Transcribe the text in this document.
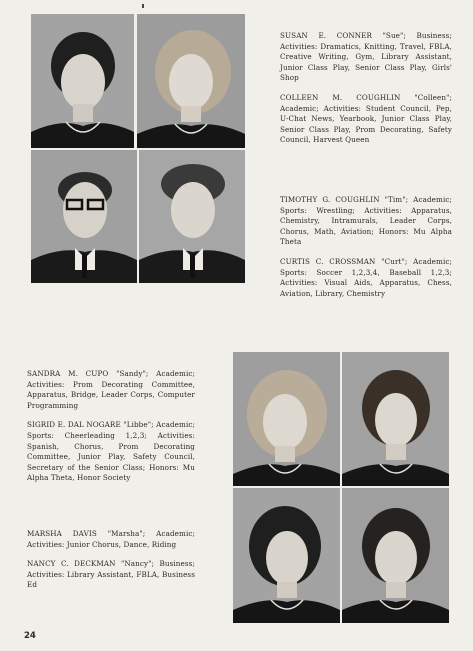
SUSAN E. CONNER "Sue"; Business; Activities: Dramatics, Knitting, Travel, FBLA, Creative Writing, Gym, Library Assistant, Junior Class Play, Senior Class Play, Girls' Shop

COLLEEN M. COUGHLIN "Colleen"; Academic; Activities: Student Council, Pep, U-Chat News, Yearbook, Junior Class Play, Senior Class Play, Prom Decorating, Safety Council, Harvest Queen

TIMOTHY G. COUGHLIN "Tim"; Academic; Sports: Wrestling; Activities: Apparatus, Chemistry, Intramurals, Leader Corps, Chorus, Math, Aviation; Honors: Mu Alpha Theta

CURTIS C. CROSSMAN "Curt"; Academic; Sports: Soccer 1,2,3,4, Baseball 1,2,3; Activities: Visual Aids, Apparatus, Chess, Aviation, Library, Chemistry

SANDRA M. CUPO "Sandy"; Academic; Activities: Prom Decorating Committee, Apparatus, Bridge, Leader Corps, Computer Programming

SIGRID E. DAL NOGARE "Libbe"; Academic; Sports: Cheerleading 1,2,3; Activities: Spanish, Chorus, Prom Decorating Committee, Junior Play, Safety Council, Secretary of the Senior Class; Honors: Mu Alpha Theta, Honor Society

MARSHA DAVIS "Marsha"; Academic; Activities: Junior Chorus, Dance, Riding

NANCY C. DECKMAN "Nancy"; Business; Activities: Library Assistant, FBLA, Business Ed

24
